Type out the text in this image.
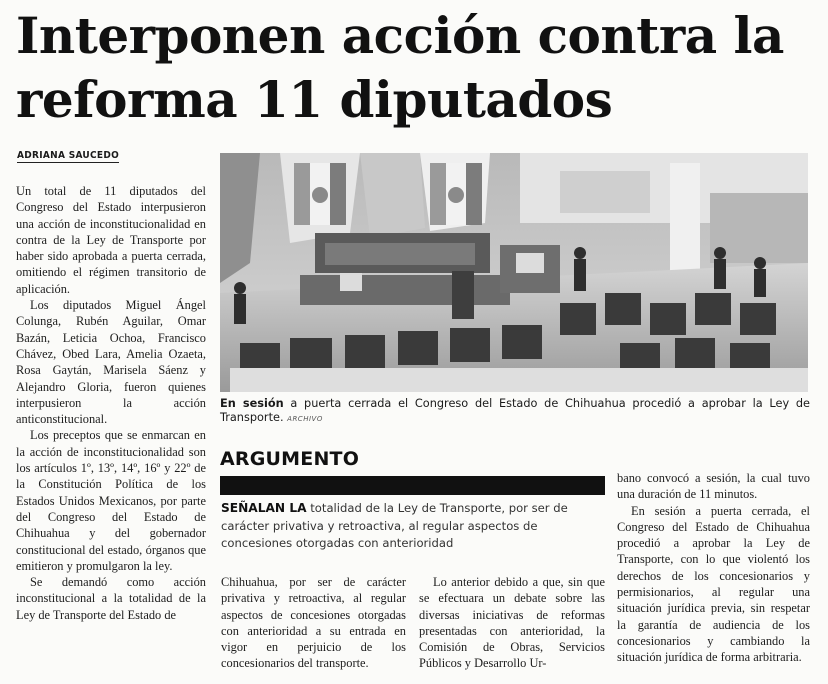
Interponen acción contra la reforma 11 diputados
ADRIANA SAUCEDO

Un total de 11 diputados del Congreso del Estado interpusieron una acción de inconstitucionalidad en contra de la Ley de Transporte por haber sido aprobada a puerta cerrada, omitiendo el régimen transitorio de aplicación.

Los diputados Miguel Ángel Colunga, Rubén Aguilar, Omar Bazán, Leticia Ochoa, Francisco Chávez, Obed Lara, Amelia Ozaeta, Rosa Gaytán, Marisela Sáenz y Alejandro Gloria, fueron quienes interpusieron la acción anticonstitucional.

Los preceptos que se enmarcan en la acción de inconstitucionalidad son los artículos 1º, 13º, 14º, 16º y 22º de la Constitución Política de los Estados Unidos Mexicanos, por parte del Congreso del Estado de Chihuahua y del gobernador constitucional del estado, órganos que emitieron y promulgaron la ley.

Se demandó como acción inconstitucional a la totalidad de la Ley de Transporte del Estado de

En sesión a puerta cerrada el Congreso del Estado de Chihuahua procedió a aprobar la Ley de Transporte. ARCHIVO
ARGUMENTO
SEÑALAN LA totalidad de la Ley de Transporte, por ser de carácter privativa y retroactiva, al regular aspectos de concesiones otorgadas con anterioridad

Chihuahua, por ser de carácter privativa y retroactiva, al regular aspectos de concesiones otorgadas con anterioridad a su entrada en vigor en perjuicio de los concesionarios del transporte.

Lo anterior debido a que, sin que se efectuara un debate sobre las diversas iniciativas de reformas presentadas con anterioridad, la Comisión de Obras, Servicios Públicos y Desarrollo Ur-

bano convocó a sesión, la cual tuvo una duración de 11 minutos.

En sesión a puerta cerrada, el Congreso del Estado de Chihuahua procedió a aprobar la Ley de Transporte, con lo que violentó los derechos de los concesionarios y permisionarios, al regular una situación jurídica previa, sin respetar la garantía de audiencia de los concesionarios y cambiando la situación jurídica de forma arbitraria.
